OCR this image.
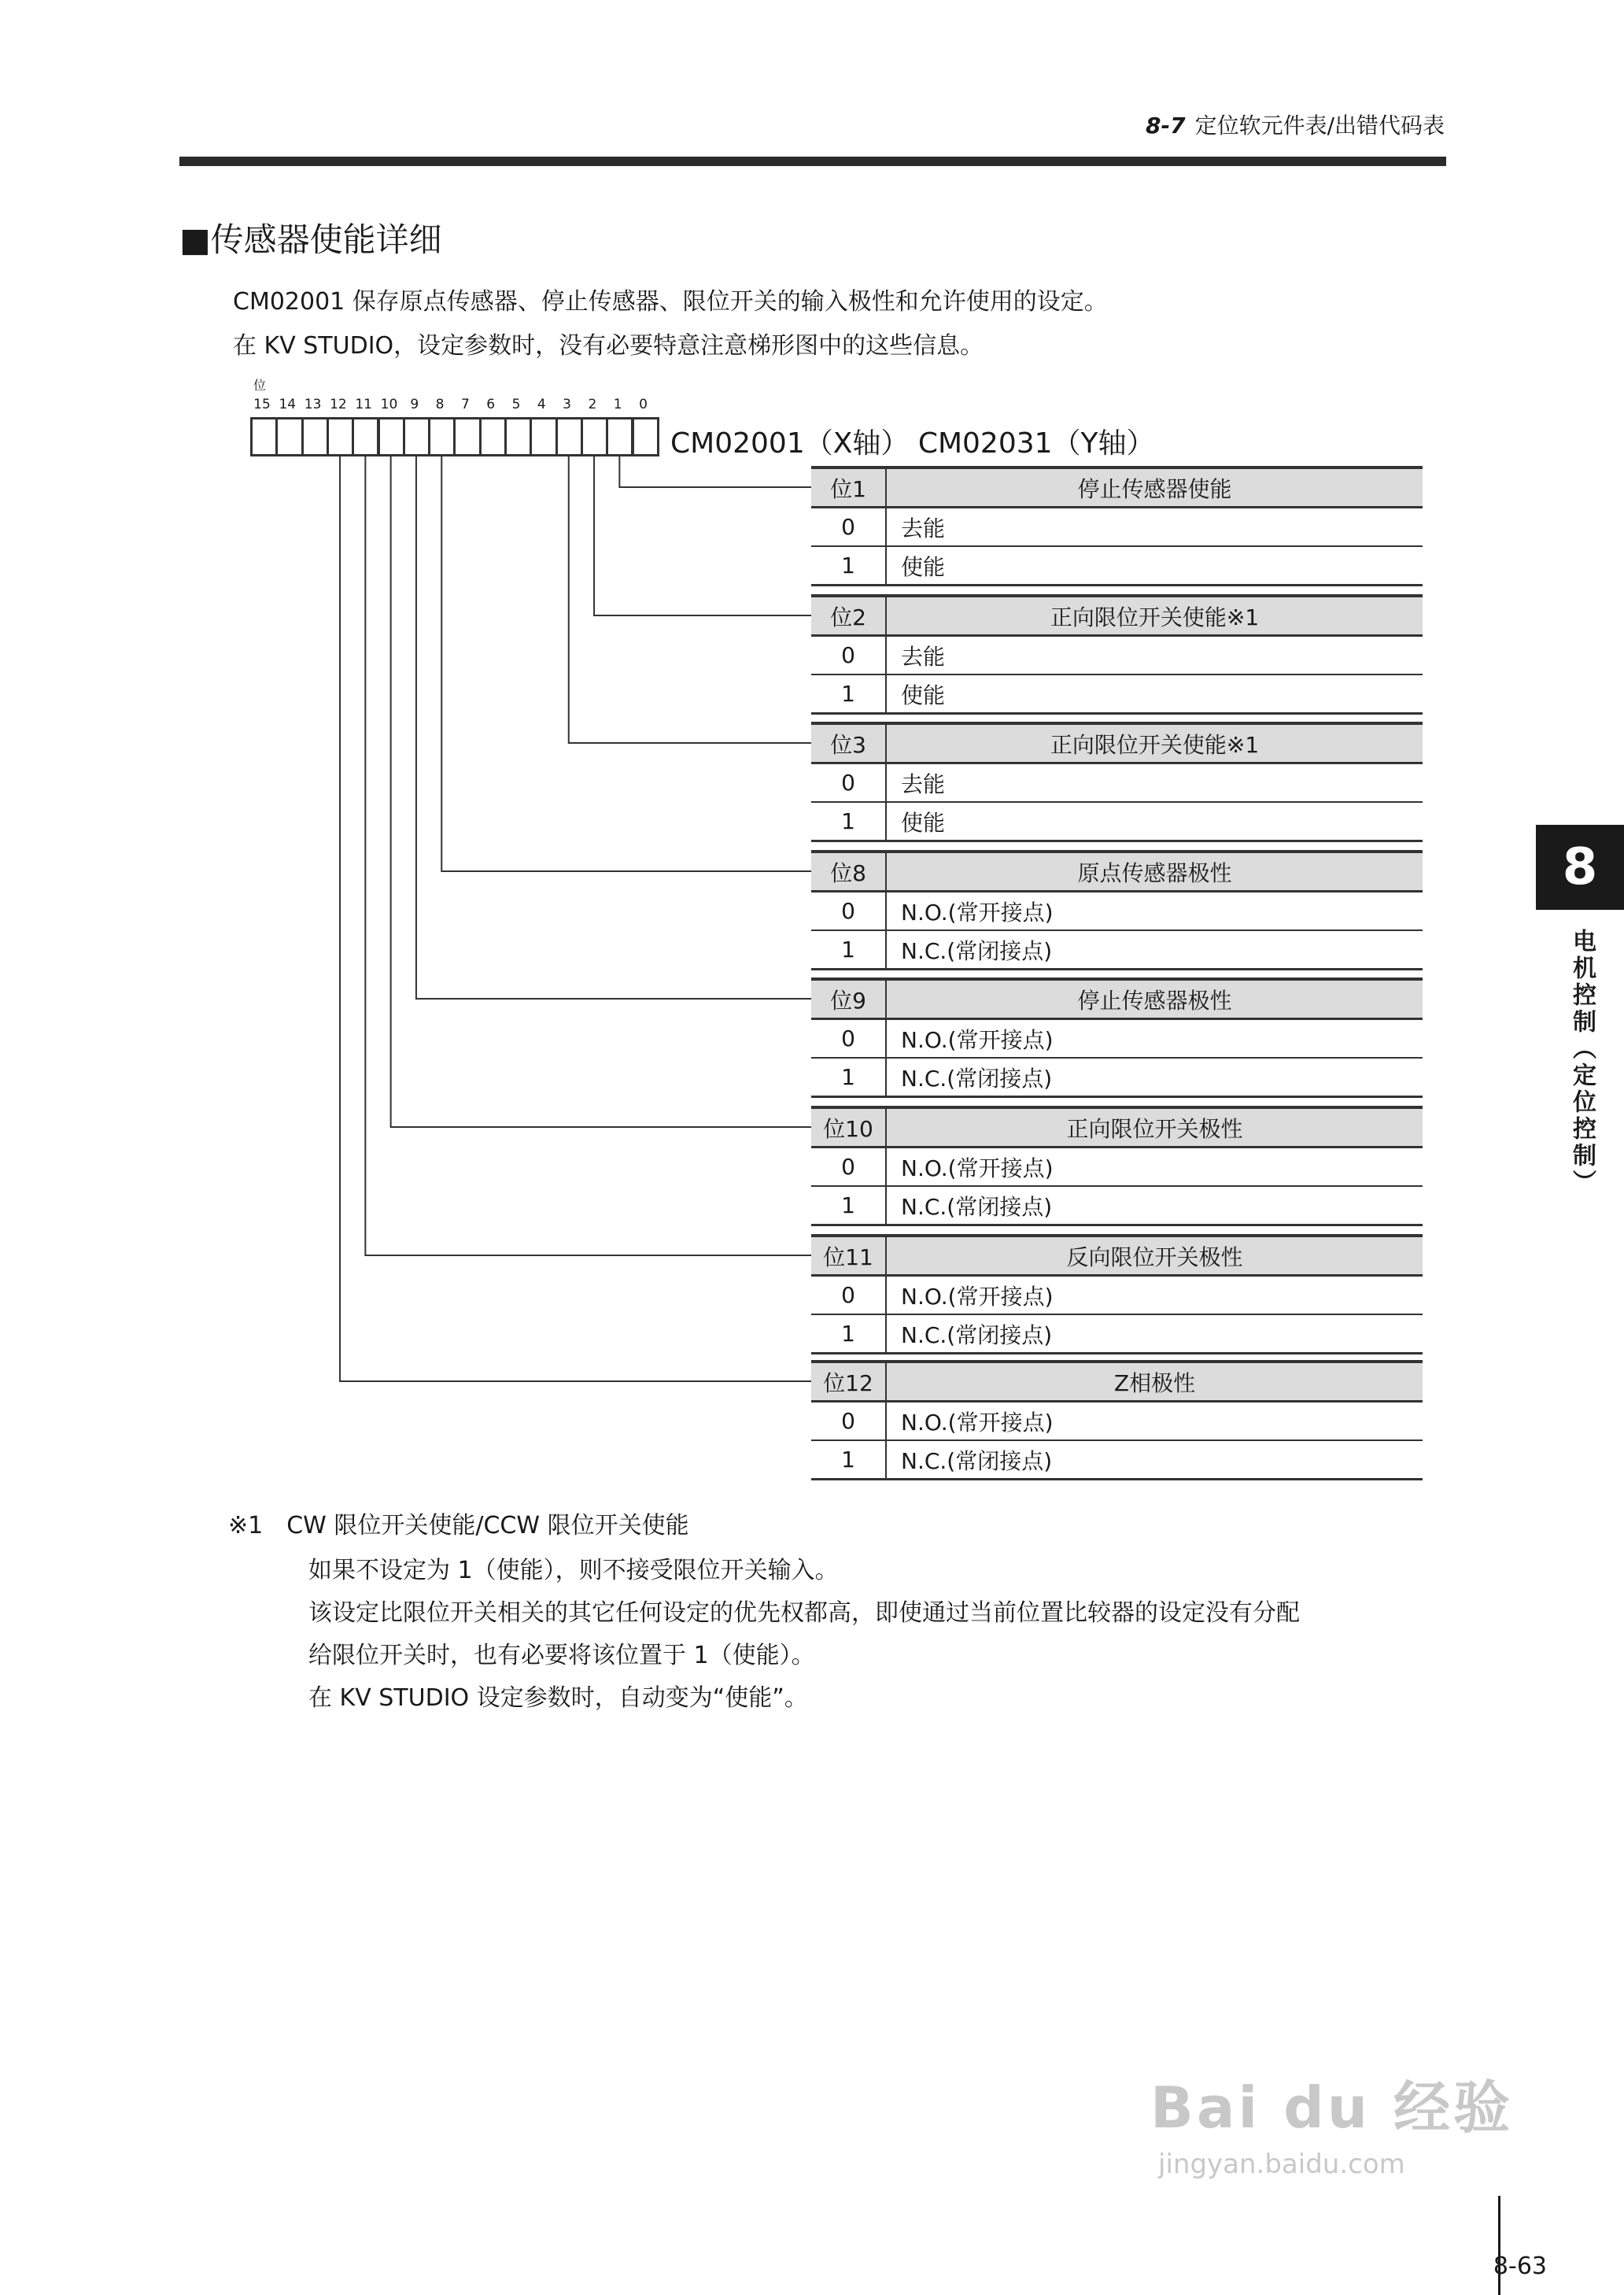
8-7 定位软元件表/出错代码表
■传感器使能详细
CM02001 保存原点传感器、停止传感器、限位开关的输入极性和允许使用的设定。
在 KV STUDIO，设定参数时，没有必要特意注意梯形图中的这些信息。
位
15 14 13 12 11 10 9	8	7	6	5	4	3	2	1	0
CM02001（X轴） CM02031（Y轴）
位1	停止传感器使能
0	去能
1	使能
位2	正向限位开关使能※1
0	去能
1	使能
位3	正向限位开关使能※1
0	去能
1	使能
位8	原点传感器极性
0	N.O.(常开接点)
1	N.C.(常闭接点)
位9	停止传感器极性
0	N.O.(常开接点)
1	N.C.(常闭接点)
位10	正向限位开关极性
0	N.O.(常开接点)
1	N.C.(常闭接点)
位11	反向限位开关极性
0	N.O.(常开接点)
1	N.C.(常闭接点)
位12	Z相极性
0	N.O.(常开接点)
1	N.C.(常闭接点)
※1　CW 限位开关使能/CCW 限位开关使能
如果不设定为 1（使能），则不接受限位开关输入。
该设定比限位开关相关的其它任何设定的优先权都高，即使通过当前位置比较器的设定没有分配
给限位开关时，也有必要将该位置于 1（使能）。
在 KV STUDIO 设定参数时，自动变为“使能”。
8
电机控制（定位控制）
Bai du 经验
jingyan.baidu.com
8-63
